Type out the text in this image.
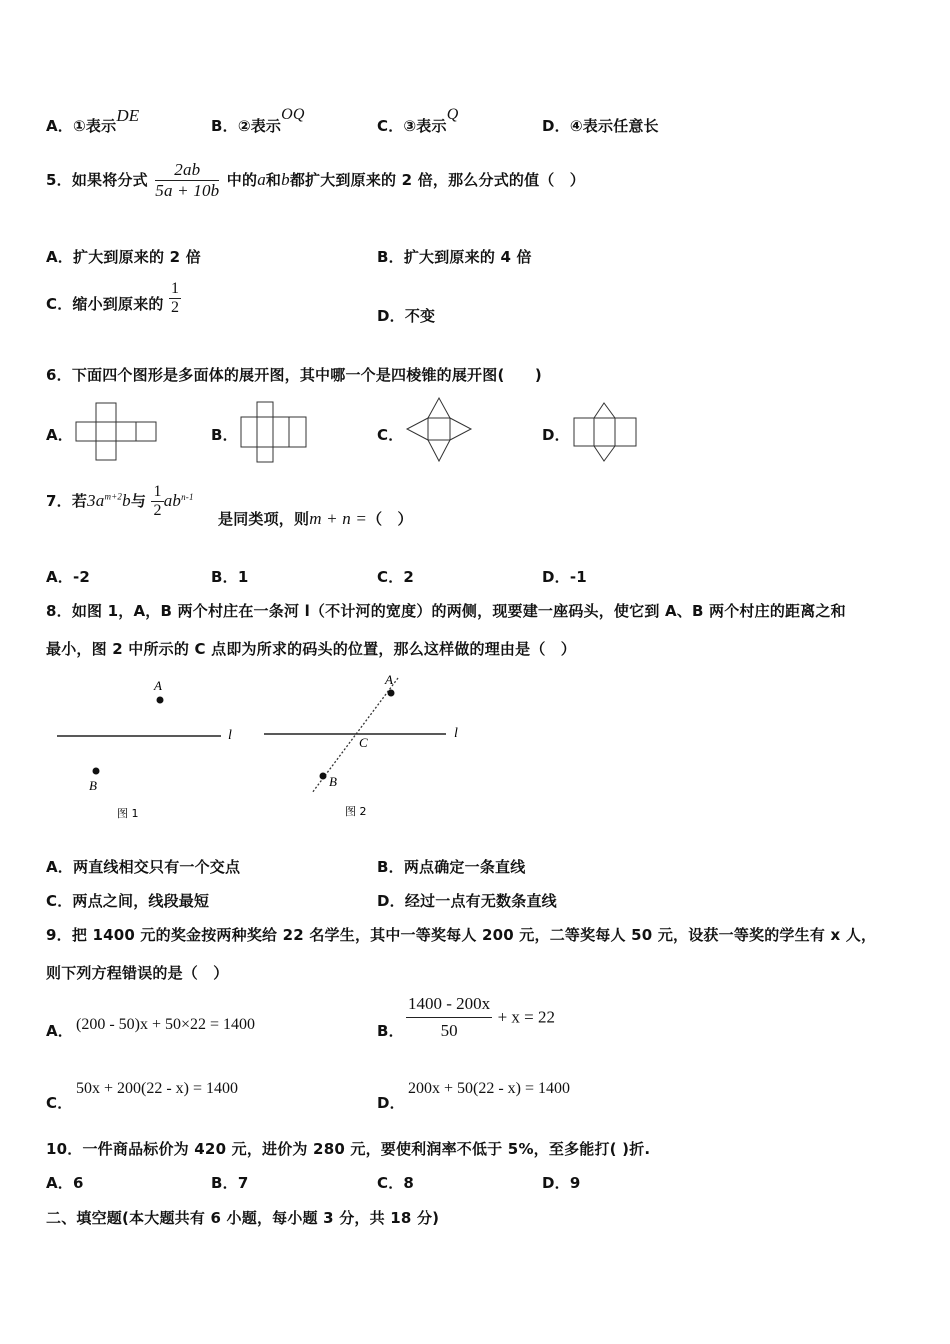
A．①表示DE
B．②表示OQ
C．③表示Q
D．④表示任意长
5．如果将分式 $\frac{2ab}{5a + 10b}$ 中的a和b都扩大到原来的 2 倍，那么分式的值（　）
A．扩大到原来的 2 倍	B．扩大到原来的 4 倍
C．缩小到原来的 $\frac{1}{2}$	D．不变
6．下面四个图形是多面体的展开图，其中哪一个是四棱锥的展开图(　　)
A．	B．	C．	D．
7．若$3a^{m+2}b$与 $\frac{1}{2} ab^{n-1}$
是同类项，则m + n =（　）
A．-2	B．1	C．2	D．-1
8．如图 1，A，B 两个村庄在一条河 l（不计河的宽度）的两侧，现要建一座码头，使它到 A、B 两个村庄的距离之和
最小，图 2 中所示的 C 点即为所求的码头的位置，那么这样做的理由是（　）
A
B
l
图 1
A
B
C
l
图 2
A．两直线相交只有一个交点	B．两点确定一条直线
C．两点之间，线段最短	D．经过一点有无数条直线
9．把 1400 元的奖金按两种奖给 22 名学生，其中一等奖每人 200 元，二等奖每人 50 元，设获一等奖的学生有 x 人，
则下列方程错误的是（　）
A． (200 - 50)x + 50×22 = 1400	B． $\frac{1400 - 200x}{50} + x = 22$
C．
50x + 200(22 - x) = 1400
D．
200x + 50(22 - x) = 1400
10．一件商品标价为 420 元，进价为 280 元，要使利润率不低于 5%，至多能打( )折.
A．6	B．7	C．8	D．9
二、填空题(本大题共有 6 小题，每小题 3 分，共 18 分)
